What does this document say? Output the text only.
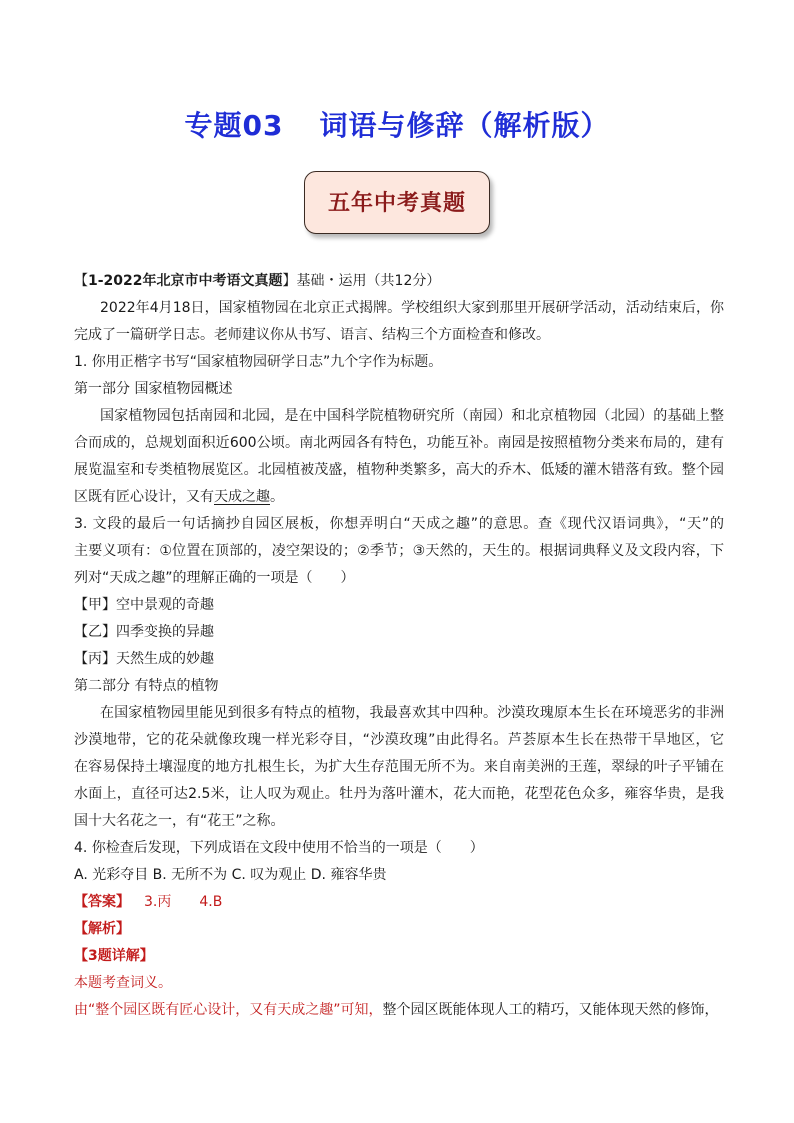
专题03 词语与修辞（解析版）
五年中考真题
【1-2022年北京市中考语文真题】基础・运用（共12分）
2022年4月18日，国家植物园在北京正式揭牌。学校组织大家到那里开展研学活动，活动结束后，你
完成了一篇研学日志。老师建议你从书写、语言、结构三个方面检查和修改。
1. 你用正楷字书写“国家植物园研学日志”九个字作为标题。
第一部分 国家植物园概述
国家植物园包括南园和北园，是在中国科学院植物研究所（南园）和北京植物园（北园）的基础上整
合而成的，总规划面积近600公顷。南北两园各有特色，功能互补。南园是按照植物分类来布局的，建有
展览温室和专类植物展览区。北园植被茂盛，植物种类繁多，高大的乔木、低矮的灌木错落有致。整个园
区既有匠心设计，又有天成之趣。
3. 文段的最后一句话摘抄自园区展板，你想弄明白“天成之趣”的意思。查《现代汉语词典》，“天”的
主要义项有：①位置在顶部的，凌空架设的；②季节；③天然的，天生的。根据词典释义及文段内容，下
列对“天成之趣”的理解正确的一项是（　　）
【甲】空中景观的奇趣
【乙】四季变换的异趣
【丙】天然生成的妙趣
第二部分 有特点的植物
在国家植物园里能见到很多有特点的植物，我最喜欢其中四种。沙漠玫瑰原本生长在环境恶劣的非洲
沙漠地带，它的花朵就像玫瑰一样光彩夺目，“沙漠玫瑰”由此得名。芦荟原本生长在热带干旱地区，它
在容易保持土壤湿度的地方扎根生长，为扩大生存范围无所不为。来自南美洲的王莲，翠绿的叶子平铺在
水面上，直径可达2.5米，让人叹为观止。牡丹为落叶灌木，花大而艳，花型花色众多，雍容华贵，是我
国十大名花之一，有“花王”之称。
4. 你检查后发现，下列成语在文段中使用不恰当的一项是（　　）
A. 光彩夺目 B. 无所不为 C. 叹为观止 D. 雍容华贵
【答案】 3.丙 4.B
【解析】
【3题详解】
本题考查词义。
由“整个园区既有匠心设计，又有天成之趣”可知，整个园区既能体现人工的精巧，又能体现天然的修饰，
